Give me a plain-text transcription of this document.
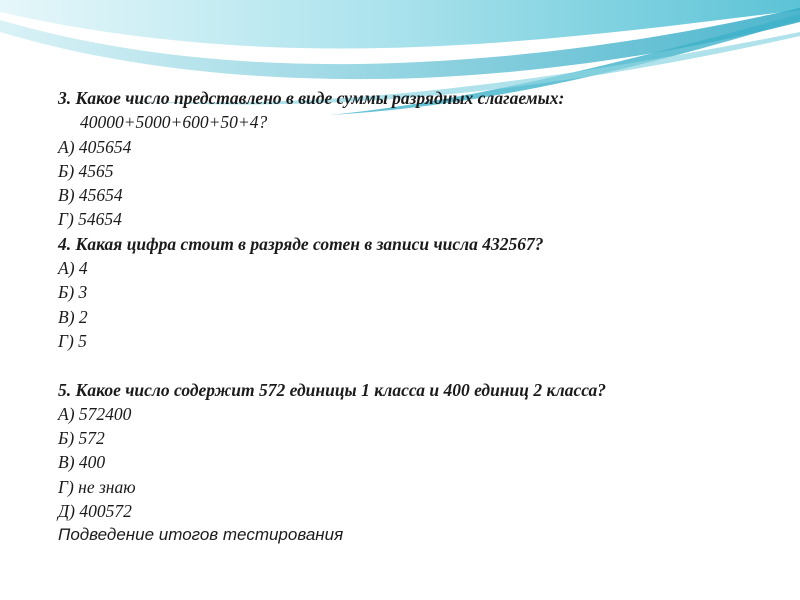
3. Какое число представлено в виде суммы разрядных слагаемых:
40000+5000+600+50+4?
А) 405654
Б) 4565
В) 45654
Г) 54654
4. Какая цифра стоит в разряде сотен в записи числа 432567?
А) 4
Б) 3
В) 2
Г) 5
5. Какое число содержит 572 единицы 1 класса и 400 единиц 2 класса?
А) 572400
Б) 572
В) 400
Г) не знаю
Д) 400572
Подведение итогов тестирования
